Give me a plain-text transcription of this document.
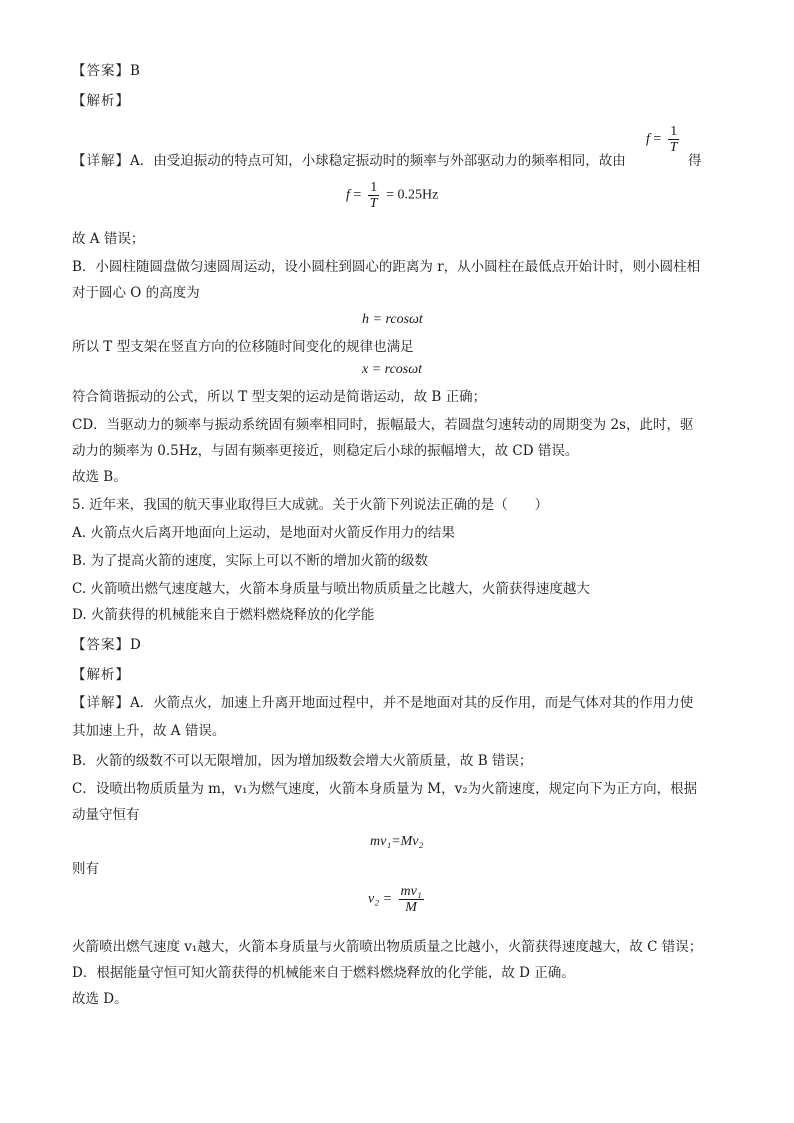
【答案】B
【解析】
$f = \frac{1}{T}$
【详解】A．由受迫振动的特点可知，小球稳定振动时的频率与外部驱动力的频率相同，故由	得
$f = \frac{1}{T} = 0.25Hz$
故 A 错误；
B．小圆柱随圆盘做匀速圆周运动，设小圆柱到圆心的距离为 r，从小圆柱在最低点开始计时，则小圆柱相
对于圆心 O 的高度为
h = rcosωt
所以 T 型支架在竖直方向的位移随时间变化的规律也满足
x = rcosωt
符合简谐振动的公式，所以 T 型支架的运动是简谐运动，故 B 正确；
CD．当驱动力的频率与振动系统固有频率相同时，振幅最大，若圆盘匀速转动的周期变为 2s，此时，驱
动力的频率为 0.5Hz，与固有频率更接近，则稳定后小球的振幅增大，故 CD 错误。
故选 B。
5. 近年来，我国的航天事业取得巨大成就。关于火箭下列说法正确的是（　　）
A. 火箭点火后离开地面向上运动，是地面对火箭反作用力的结果
B. 为了提高火箭的速度，实际上可以不断的增加火箭的级数
C. 火箭喷出燃气速度越大，火箭本身质量与喷出物质质量之比越大，火箭获得速度越大
D. 火箭获得的机械能来自于燃料燃烧释放的化学能
【答案】D
【解析】
【详解】A．火箭点火，加速上升离开地面过程中，并不是地面对其的反作用，而是气体对其的作用力使
其加速上升，故 A 错误。
B．火箭的级数不可以无限增加，因为增加级数会增大火箭质量，故 B 错误；
C．设喷出物质质量为 m，v₁为燃气速度，火箭本身质量为 M，v₂为火箭速度，规定向下为正方向，根据
动量守恒有
mv₁=Mv₂
则有
$v_2 = \frac{\text{mv₁}}{M}$
火箭喷出燃气速度 v₁越大，火箭本身质量与火箭喷出物质质量之比越小，火箭获得速度越大，故 C 错误；
D．根据能量守恒可知火箭获得的机械能来自于燃料燃烧释放的化学能，故 D 正确。
故选 D。
